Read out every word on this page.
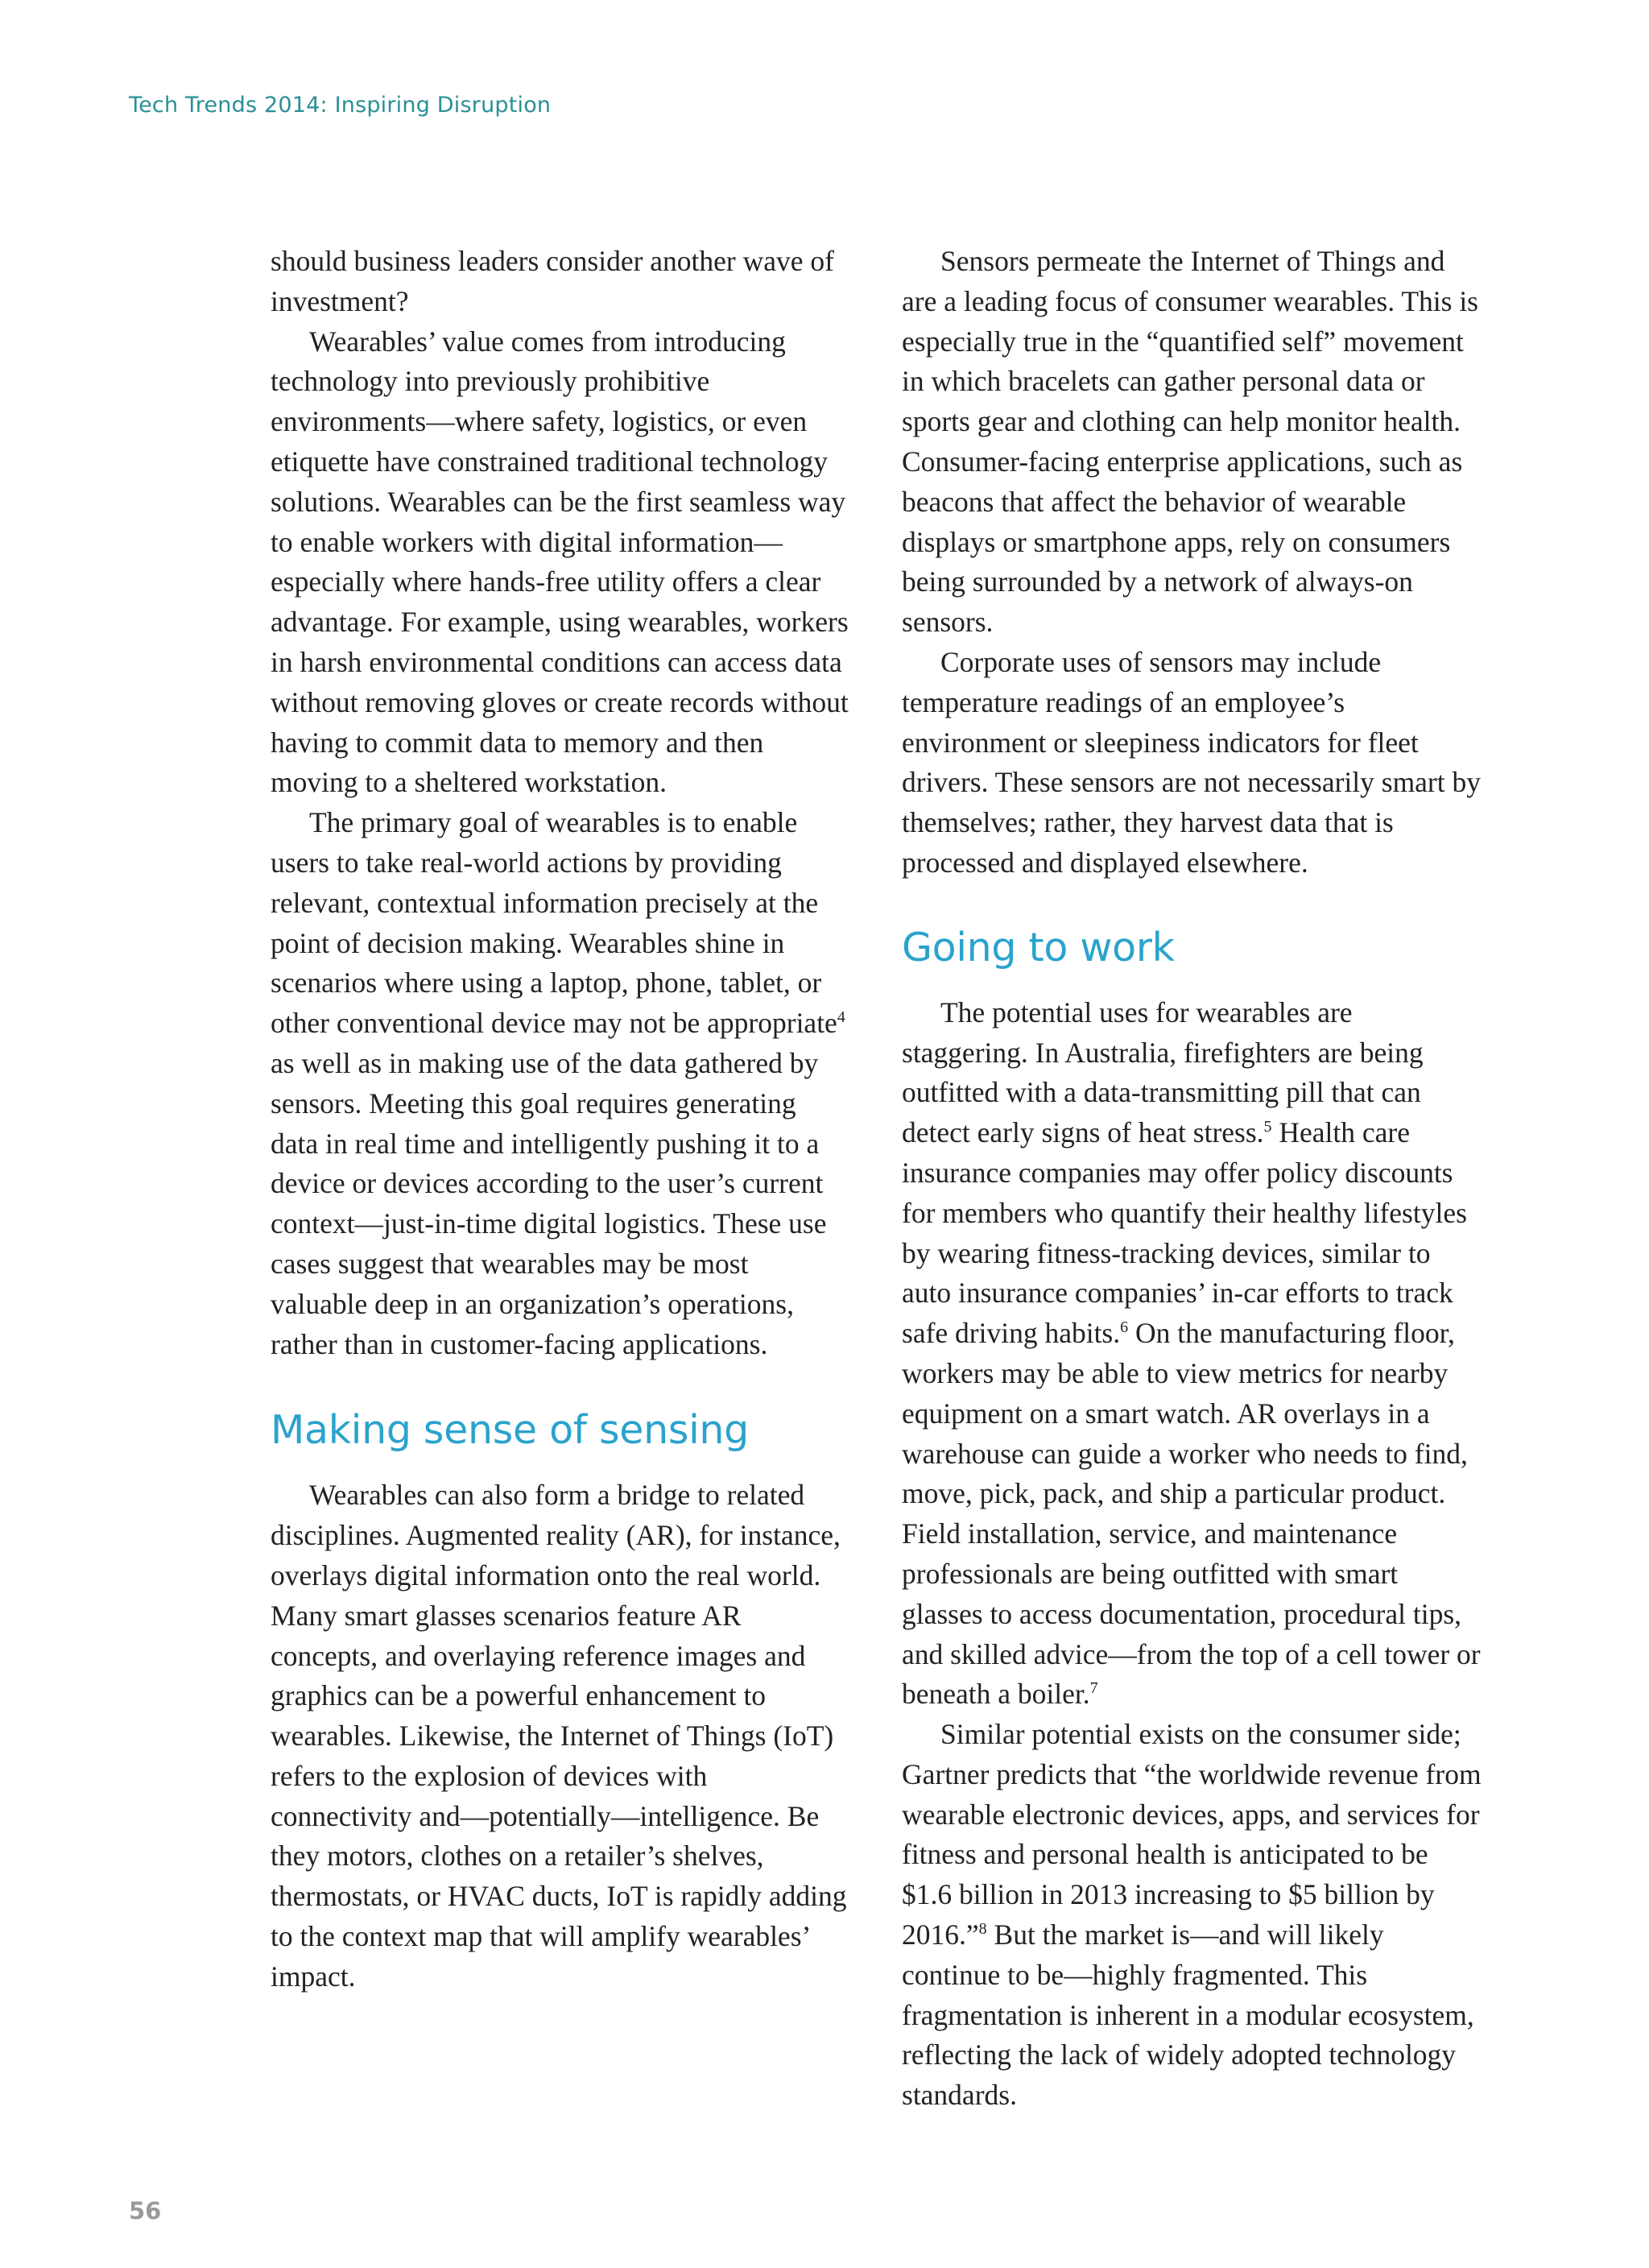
Tech Trends 2014: Inspiring Disruption

should business leaders consider another wave of investment?

Wearables’ value comes from introducing technology into previously prohibitive environments—where safety, logistics, or even etiquette have constrained traditional technology solutions. Wearables can be the first seamless way to enable workers with digital information—especially where hands-free utility offers a clear advantage. For example, using wearables, workers in harsh environmental conditions can access data without removing gloves or create records without having to commit data to memory and then moving to a sheltered workstation.

The primary goal of wearables is to enable users to take real-world actions by providing relevant, contextual information precisely at the point of decision making. Wearables shine in scenarios where using a laptop, phone, tablet, or other conventional device may not be appropriate$^4$ as well as in making use of the data gathered by sensors. Meeting this goal requires generating data in real time and intelligently pushing it to a device or devices according to the user’s current context—just-in-time digital logistics. These use cases suggest that wearables may be most valuable deep in an organization’s operations, rather than in customer-facing applications.

Making sense of sensing

Wearables can also form a bridge to related disciplines. Augmented reality (AR), for instance, overlays digital information onto the real world. Many smart glasses scenarios feature AR concepts, and overlaying reference images and graphics can be a powerful enhancement to wearables. Likewise, the Internet of Things (IoT) refers to the explosion of devices with connectivity and—potentially—intelligence. Be they motors, clothes on a retailer’s shelves, thermostats, or HVAC ducts, IoT is rapidly adding to the context map that will amplify wearables’ impact.

Sensors permeate the Internet of Things and are a leading focus of consumer wearables. This is especially true in the “quantified self” movement in which bracelets can gather personal data or sports gear and clothing can help monitor health. Consumer-facing enterprise applications, such as beacons that affect the behavior of wearable displays or smartphone apps, rely on consumers being surrounded by a network of always-on sensors.

Corporate uses of sensors may include temperature readings of an employee’s environment or sleepiness indicators for fleet drivers. These sensors are not necessarily smart by themselves; rather, they harvest data that is processed and displayed elsewhere.

Going to work

The potential uses for wearables are staggering. In Australia, firefighters are being outfitted with a data-transmitting pill that can detect early signs of heat stress.$^5$ Health care insurance companies may offer policy discounts for members who quantify their healthy lifestyles by wearing fitness-tracking devices, similar to auto insurance companies’ in-car efforts to track safe driving habits.$^6$ On the manufacturing floor, workers may be able to view metrics for nearby equipment on a smart watch. AR overlays in a warehouse can guide a worker who needs to find, move, pick, pack, and ship a particular product. Field installation, service, and maintenance professionals are being outfitted with smart glasses to access documentation, procedural tips, and skilled advice—from the top of a cell tower or beneath a boiler.$^7$

Similar potential exists on the consumer side; Gartner predicts that “the worldwide revenue from wearable electronic devices, apps, and services for fitness and personal health is anticipated to be $1.6 billion in 2013 increasing to $5 billion by 2016.”$^8$ But the market is—and will likely continue to be—highly fragmented. This fragmentation is inherent in a modular ecosystem, reflecting the lack of widely adopted technology standards.

56
